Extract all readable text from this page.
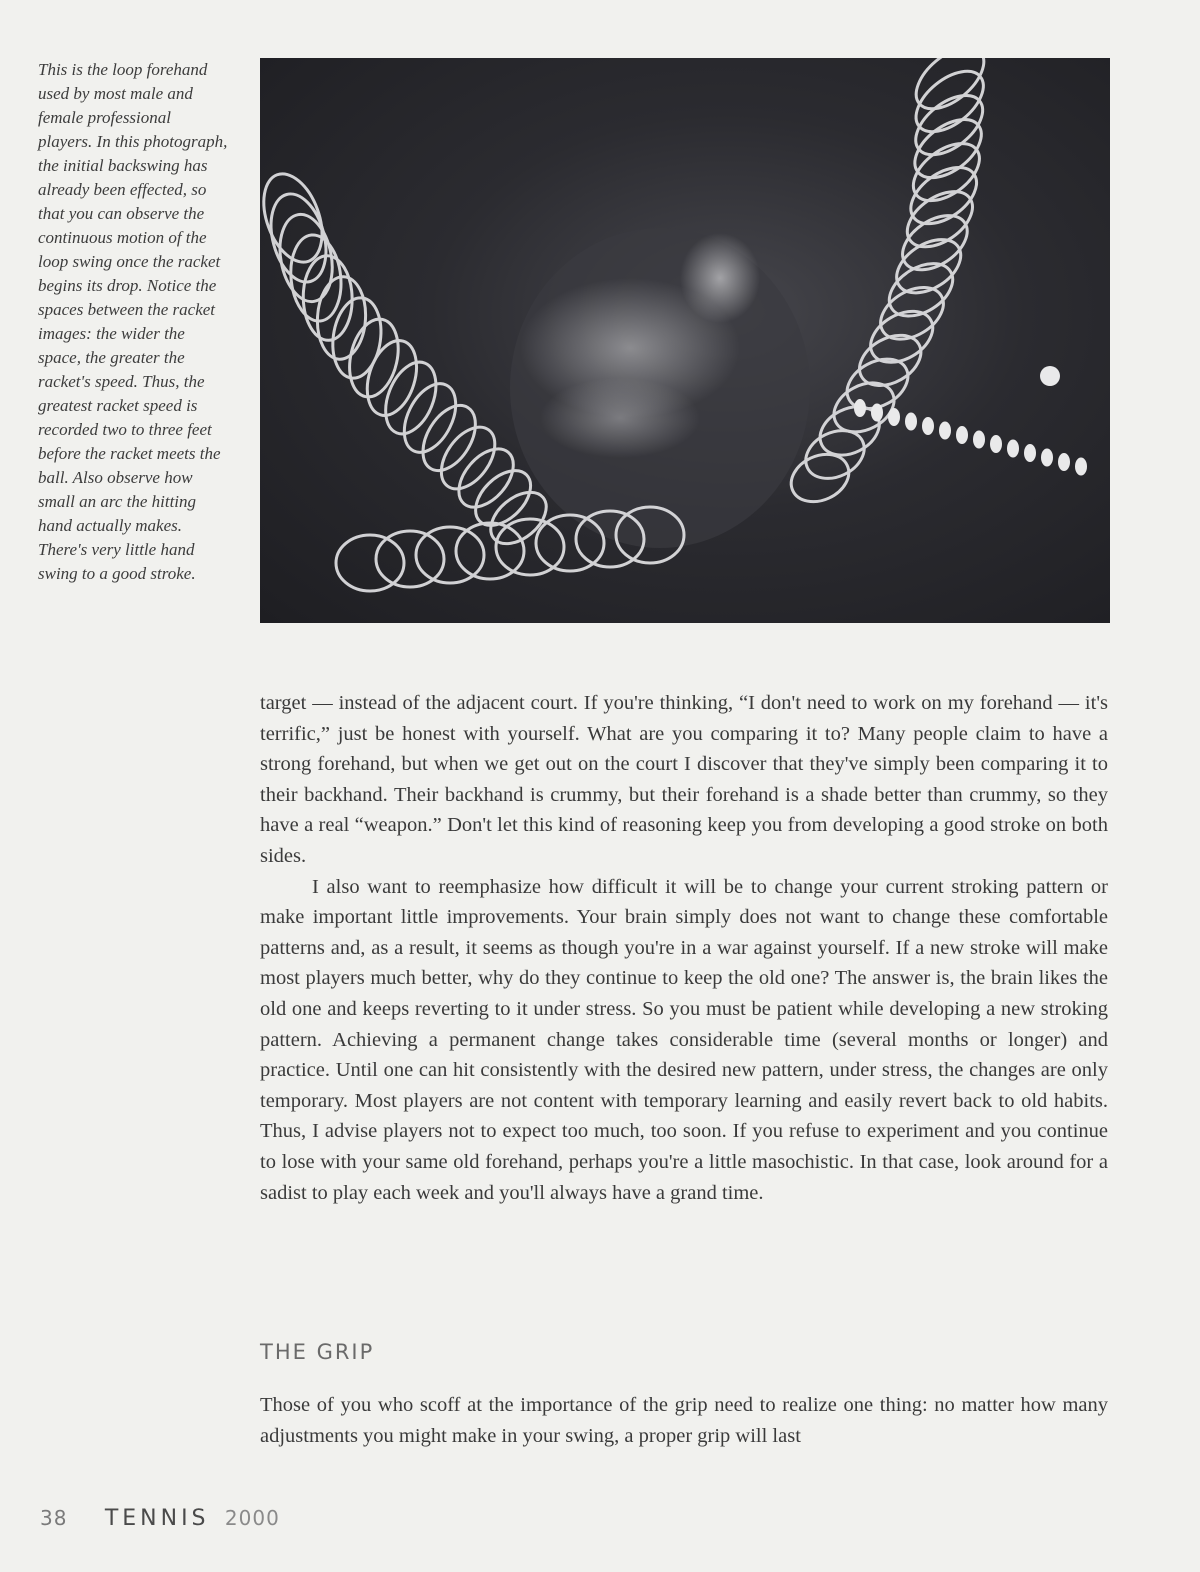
This is the loop forehand used by most male and female professional players. In this photograph, the initial backswing has already been effected, so that you can observe the continuous motion of the loop swing once the racket begins its drop. Notice the spaces between the racket images: the wider the space, the greater the racket's speed. Thus, the greatest racket speed is recorded two to three feet before the racket meets the ball. Also observe how small an arc the hitting hand actually makes. There's very little hand swing to a good stroke.

target — instead of the adjacent court. If you're thinking, “I don't need to work on my forehand — it's terrific,” just be honest with yourself. What are you comparing it to? Many people claim to have a strong forehand, but when we get out on the court I discover that they've simply been comparing it to their backhand. Their backhand is crummy, but their forehand is a shade better than crummy, so they have a real “weapon.” Don't let this kind of reasoning keep you from developing a good stroke on both sides.

I also want to reemphasize how difficult it will be to change your current stroking pattern or make important little improvements. Your brain simply does not want to change these comfortable patterns and, as a result, it seems as though you're in a war against yourself. If a new stroke will make most players much better, why do they continue to keep the old one? The answer is, the brain likes the old one and keeps reverting to it under stress. So you must be patient while developing a new stroking pattern. Achieving a permanent change takes considerable time (several months or longer) and practice. Until one can hit consistently with the desired new pattern, under stress, the changes are only temporary. Most players are not content with temporary learning and easily revert back to old habits. Thus, I advise players not to expect too much, too soon. If you refuse to experiment and you continue to lose with your same old forehand, perhaps you're a little masochistic. In that case, look around for a sadist to play each week and you'll always have a grand time.

THE GRIP

Those of you who scoff at the importance of the grip need to realize one thing: no matter how many adjustments you might make in your swing, a proper grip will last

38 TENNIS 2000
